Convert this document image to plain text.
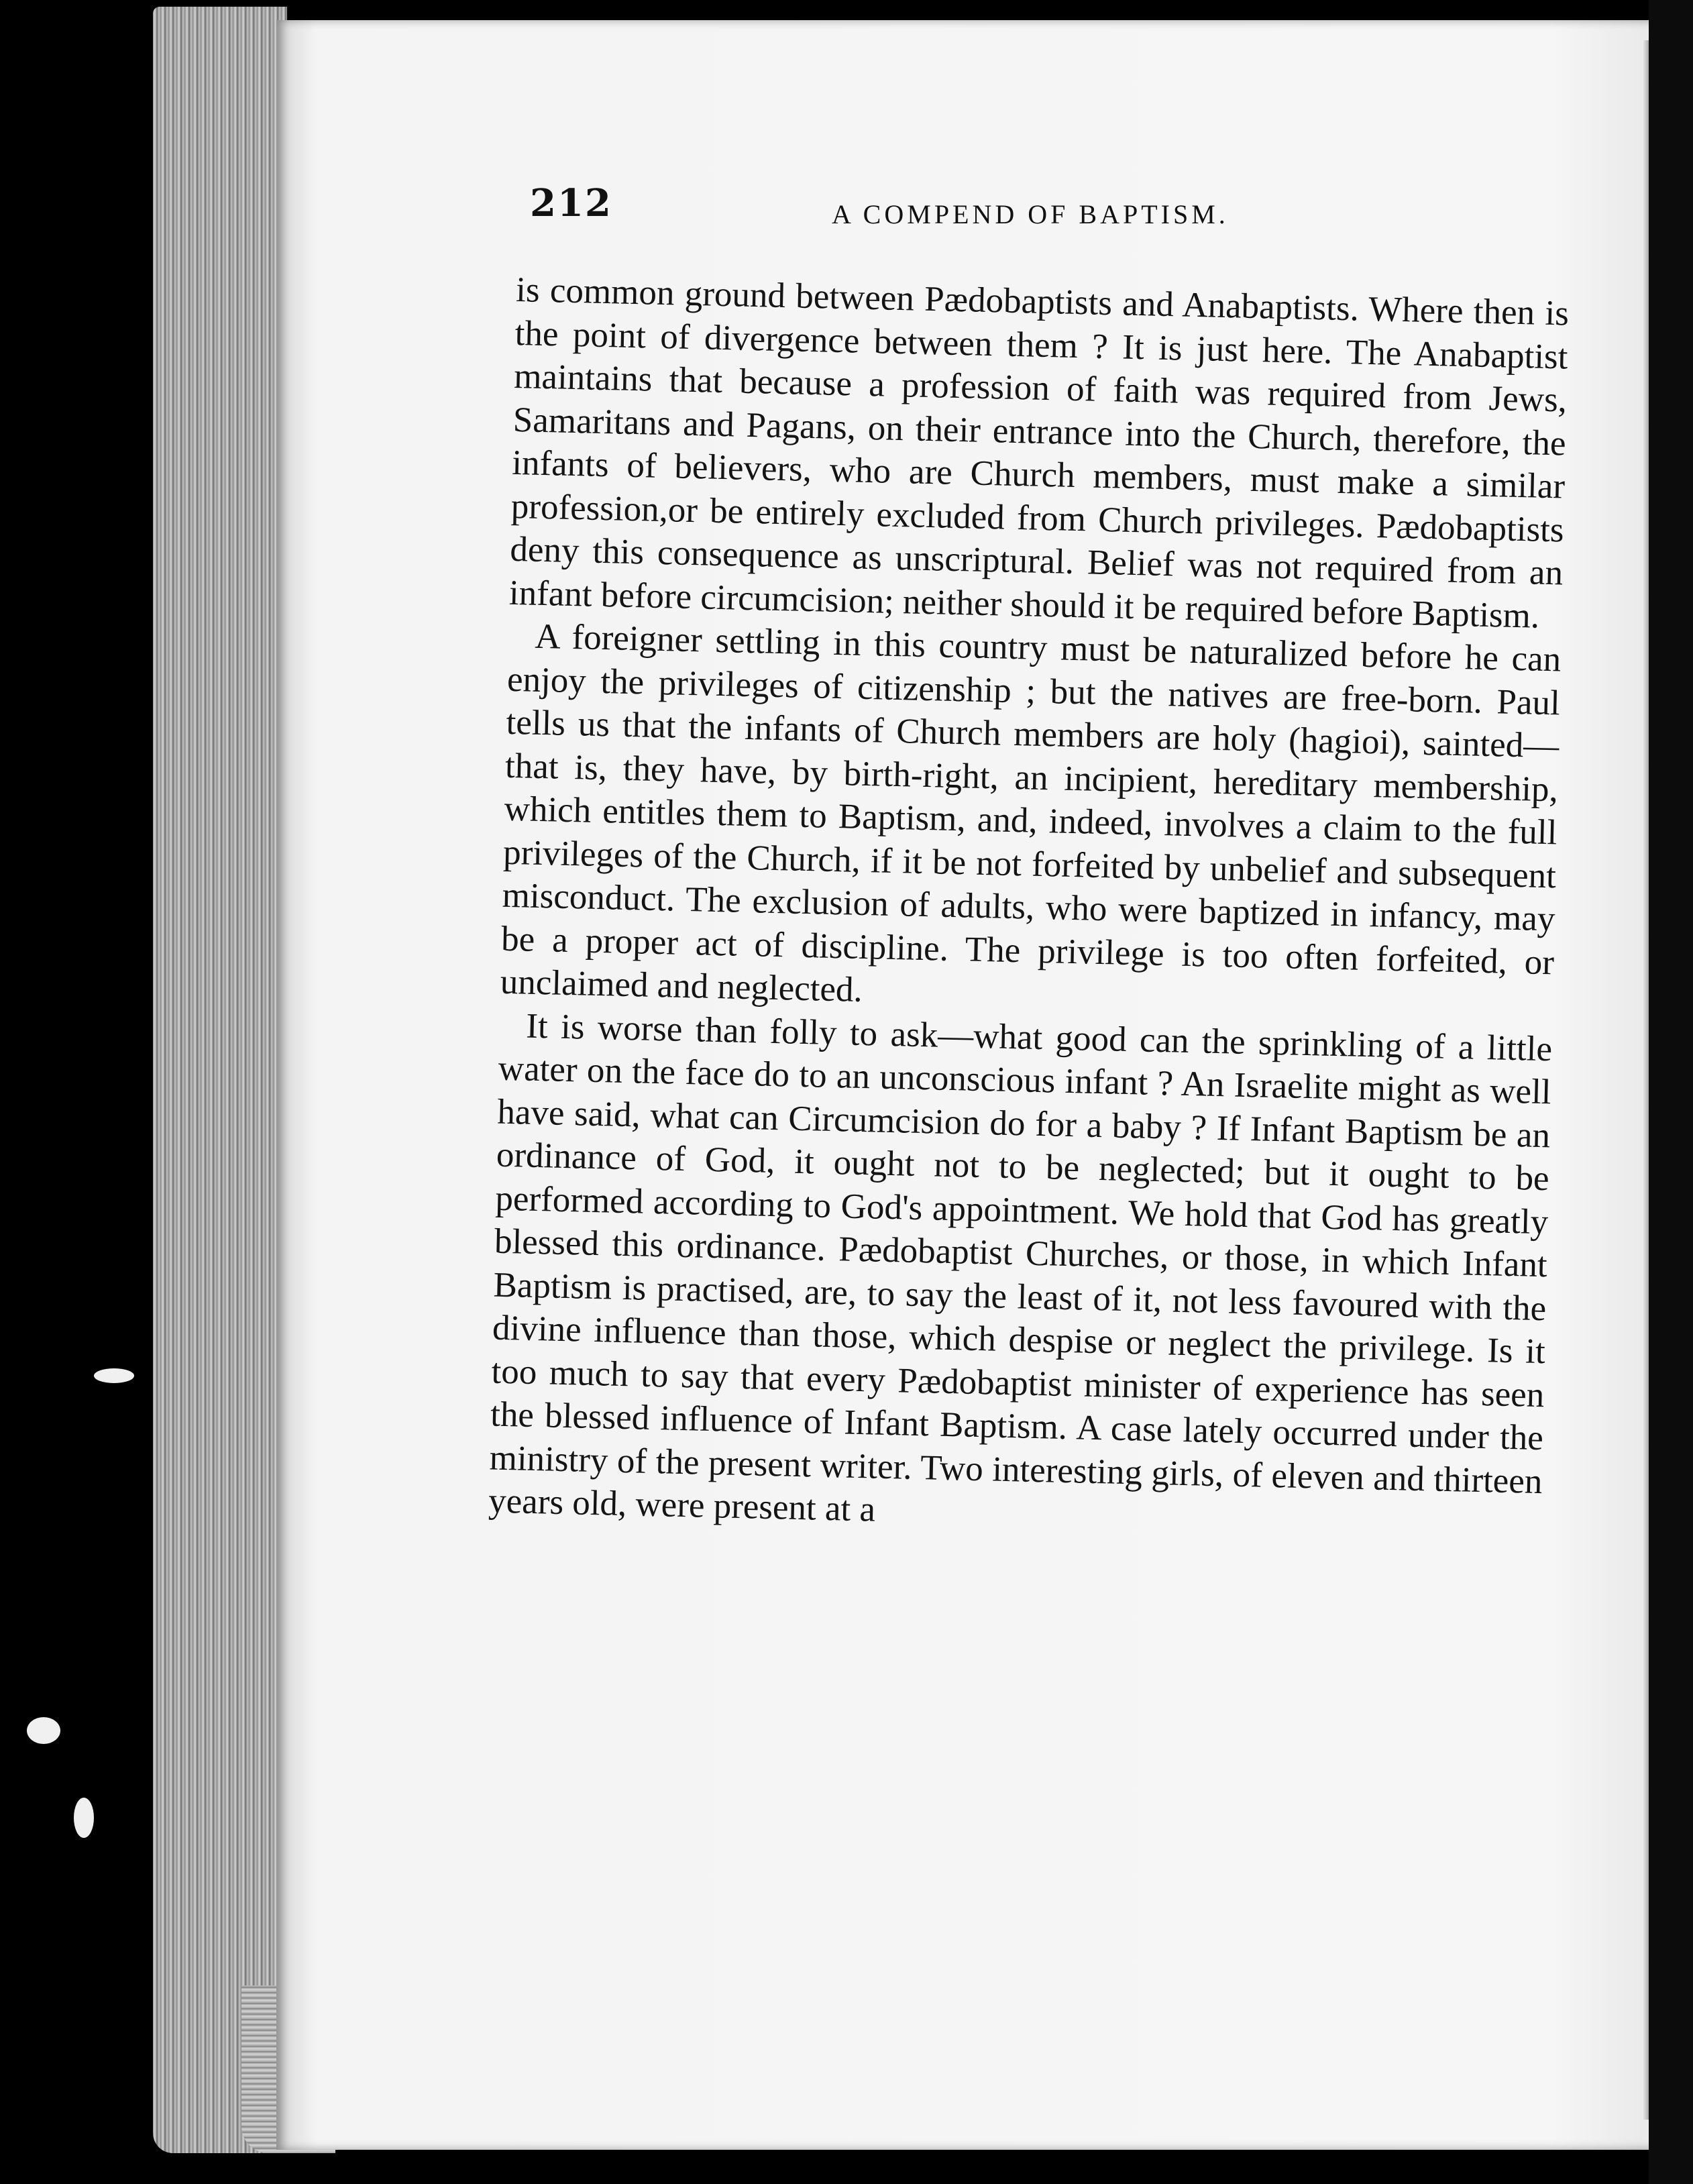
212	A COMPEND OF BAPTISM.

is common ground between Pædobaptists and Anabaptists. Where then is the point of divergence between them ? It is just here. The Anabaptist maintains that because a profession of faith was required from Jews, Samaritans and Pagans, on their entrance into the Church, therefore, the infants of believers, who are Church members, must make a similar profession,or be entirely excluded from Church privileges. Pædobaptists deny this consequence as unscriptural. Belief was not required from an infant before circumcision; neither should it be required before Baptism.

A foreigner settling in this country must be naturalized before he can enjoy the privileges of citizenship ; but the natives are free-born. Paul tells us that the infants of Church members are holy (hagioi), sainted—that is, they have, by birth-right, an incipient, hereditary membership, which entitles them to Baptism, and, indeed, involves a claim to the full privileges of the Church, if it be not forfeited by unbelief and subsequent misconduct. The exclusion of adults, who were baptized in infancy, may be a proper act of discipline. The privilege is too often forfeited, or unclaimed and neglected.

It is worse than folly to ask—what good can the sprinkling of a little water on the face do to an unconscious infant ? An Israelite might as well have said, what can Circumcision do for a baby ? If Infant Baptism be an ordinance of God, it ought not to be neglected; but it ought to be performed according to God's appointment. We hold that God has greatly blessed this ordinance. Pædobaptist Churches, or those, in which Infant Baptism is practised, are, to say the least of it, not less favoured with the divine influence than those, which despise or neglect the privilege. Is it too much to say that every Pædobaptist minister of experience has seen the blessed influence of Infant Baptism. A case lately occurred under the ministry of the present writer. Two interesting girls, of eleven and thirteen years old, were present at a
